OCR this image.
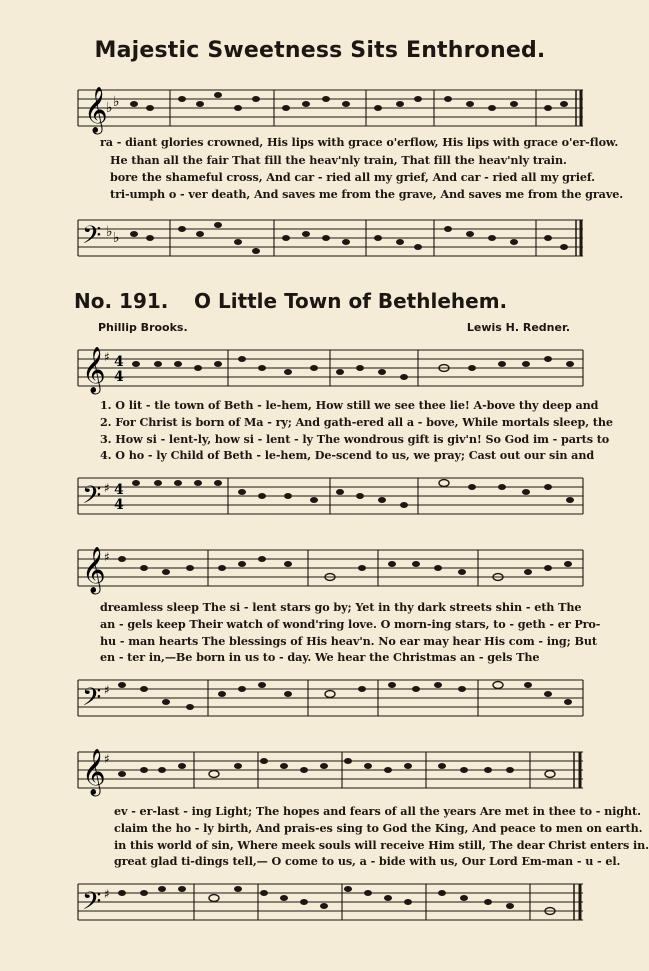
Majestic Sweetness Sits Enthroned.
𝄞
♭ ♭
ra - diant glories crowned, His lips with grace o'erflow, His lips with grace o'er-flow.
He than all the fair That fill the heav'nly train, That fill the heav'nly train.
bore the shameful cross, And car - ried all my grief, And car - ried all my grief.
tri-umph o - ver death, And saves me from the grave, And saves me from the grave.
𝄢 ♭ ♭
No. 191. O Little Town of Bethlehem.
Phillip Brooks.	Lewis H. Redner.
𝄞
♯ 4
4
1. O lit - tle town of Beth - le-hem, How still we see thee lie! A-bove thy deep and
2. For Christ is born of Ma - ry; And gath-ered all a - bove, While mortals sleep, the
3. How si - lent-ly, how si - lent - ly The wondrous gift is giv'n! So God im - parts to
4. O ho - ly Child of Beth - le-hem, De-scend to us, we pray; Cast out our sin and
𝄢 ♯ 4
4
𝄞
♯
dreamless sleep The si - lent stars go by; Yet in thy dark streets shin - eth The
an - gels keep Their watch of wond'ring love. O morn-ing stars, to - geth - er Pro-
hu - man hearts The blessings of His heav'n. No ear may hear His com - ing; But
en - ter in,—Be born in us to - day. We hear the Christmas an - gels The
𝄢 ♯
𝄞
♯
ev - er-last - ing Light; The hopes and fears of all the years Are met in thee to - night.
claim the ho - ly birth, And prais-es sing to God the King, And peace to men on earth.
in this world of sin, Where meek souls will receive Him still, The dear Christ enters in.
great glad ti-dings tell,— O come to us, a - bide with us, Our Lord Em-man - u - el.
𝄢 ♯
